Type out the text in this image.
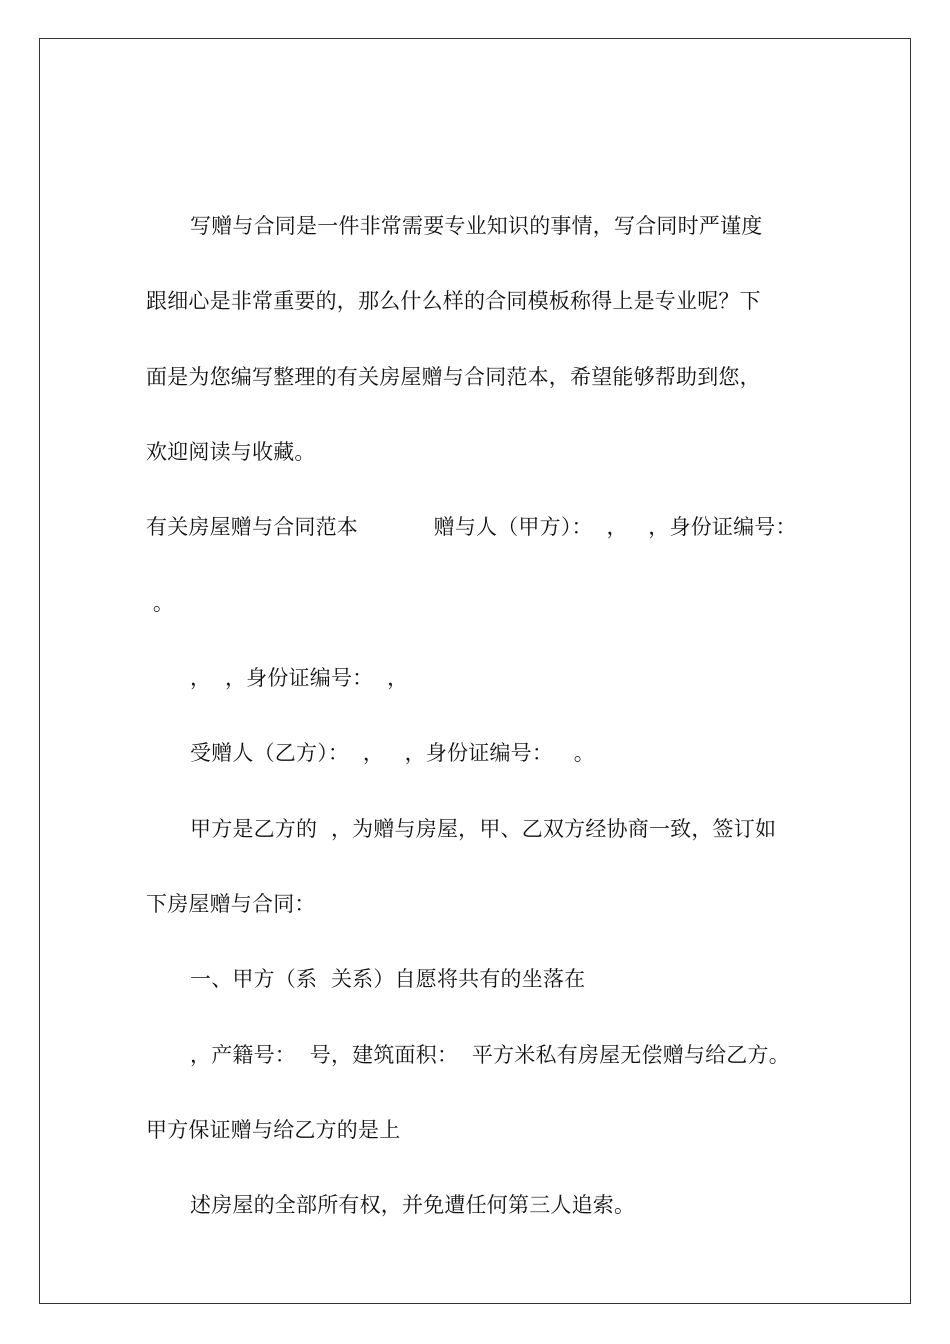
写赠与合同是一件非常需要专业知识的事情，写合同时严谨度
跟细心是非常重要的，那么什么样的合同模板称得上是专业呢？下
面是为您编写整理的有关房屋赠与合同范本，希望能够帮助到您，
欢迎阅读与收藏。
有关房屋赠与合同范本           赠与人（甲方）：  ，   ，身份证编号：
。
，  ，身份证编号：  ，
受赠人（乙方）：  ，   ，身份证编号：   。
甲方是乙方的  ，为赠与房屋，甲、乙双方经协商一致，签订如
下房屋赠与合同：
一、甲方（系  关系）自愿将共有的坐落在
，产籍号：  号，建筑面积：  平方米私有房屋无偿赠与给乙方。
甲方保证赠与给乙方的是上
述房屋的全部所有权，并免遭任何第三人追索。
